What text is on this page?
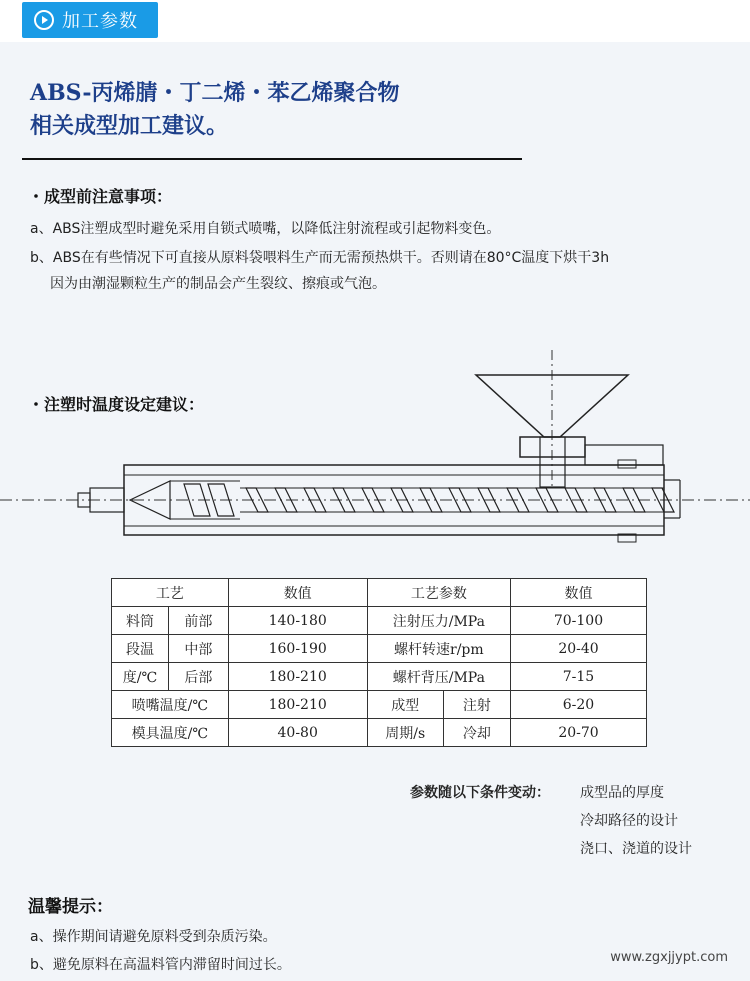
加工参数
ABS-丙烯腈・丁二烯・苯乙烯聚合物
相关成型加工建议。
・成型前注意事项：
a、ABS注塑成型时避免采用自锁式喷嘴，以降低注射流程或引起物料变色。
b、ABS在有些情况下可直接从原料袋喂料生产而无需预热烘干。否则请在80°C温度下烘干3h
因为由潮湿颗粒生产的制品会产生裂纹、擦痕或气泡。
・注塑时温度设定建议：
工艺		数值	工艺参数		数值
料筒	前部	140-180	注射压力/MPa		70-100
段温	中部	160-190	螺杆转速r/pm		20-40
度/℃	后部	180-210	螺杆背压/MPa		7-15
喷嘴温度/℃		180-210	成型	注射	6-20
模具温度/℃		40-80	周期/s	冷却	20-70
参数随以下条件变动： 成型品的厚度
冷却路径的设计
浇口、浇道的设计
温馨提示：
a、操作期间请避免原料受到杂质污染。
b、避免原料在高温料管内滞留时间过长。	www.zgxjjypt.com
